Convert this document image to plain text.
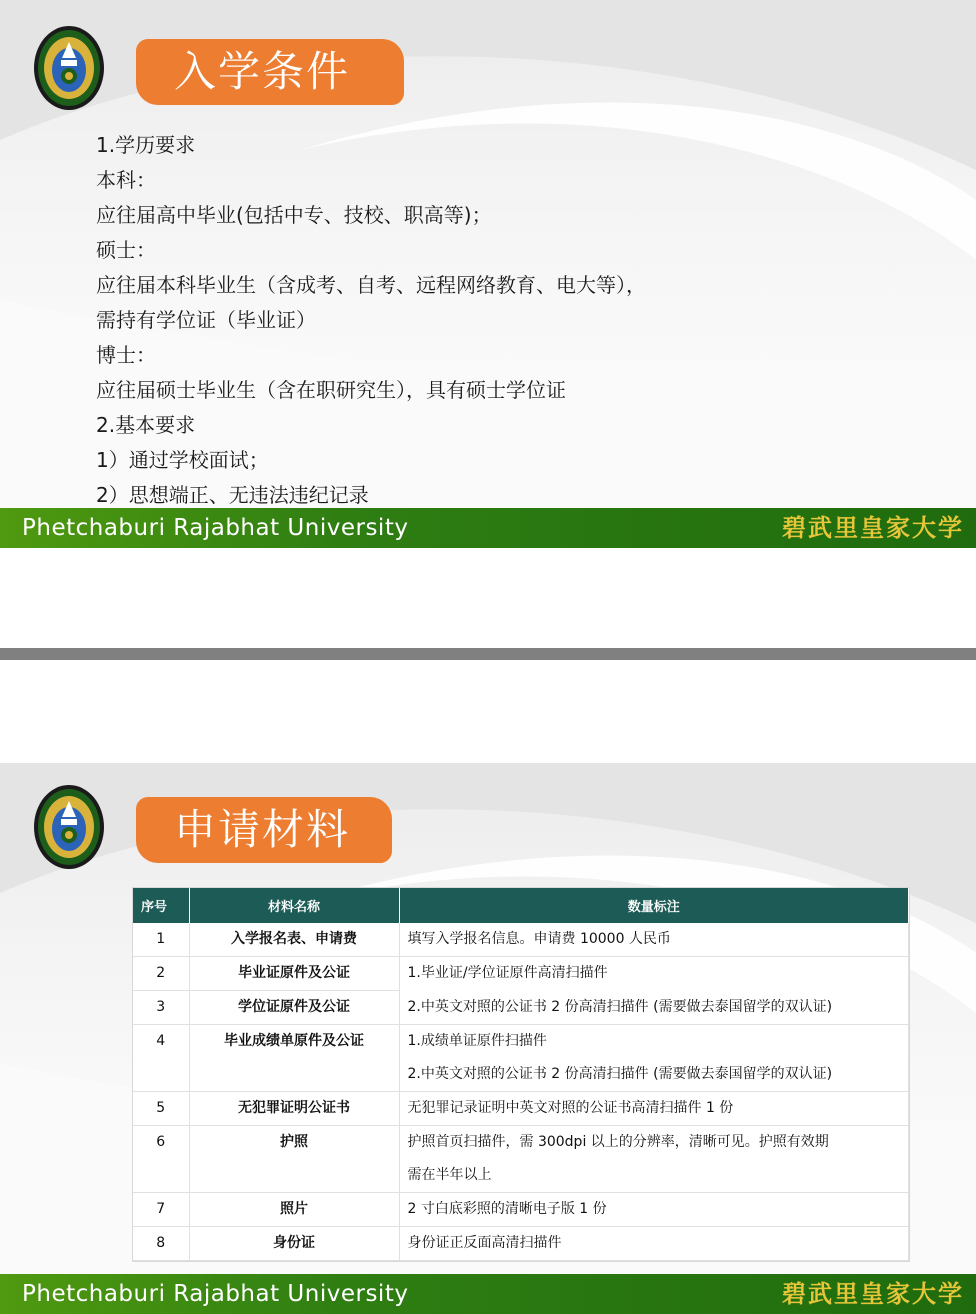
入学条件
1.学历要求
本科：
应往届高中毕业(包括中专、技校、职高等)；
硕士：
应往届本科毕业生（含成考、自考、远程网络教育、电大等），
需持有学位证（毕业证）
博士：
应往届硕士毕业生（含在职研究生），具有硕士学位证
2.基本要求
1）通过学校面试；
2）思想端正、无违法违纪记录
Phetchaburi Rajabhat University	碧武里皇家大学
申请材料
序号	材料名称	数量标注

1	入学报名表、申请费	填写入学报名信息。申请费 10000 人民币

2	毕业证原件及公证	1.毕业证/学位证原件高清扫描件

3	学位证原件及公证	2.中英文对照的公证书 2 份高清扫描件 (需要做去泰国留学的双认证)

4	毕业成绩单原件及公证	1.成绩单证原件扫描件
2.中英文对照的公证书 2 份高清扫描件 (需要做去泰国留学的双认证)

5	无犯罪证明公证书	无犯罪记录证明中英文对照的公证书高清扫描件 1 份

6	护照	护照首页扫描件，需 300dpi 以上的分辨率，清晰可见。护照有效期
需在半年以上

7	照片	2 寸白底彩照的清晰电子版 1 份

8	身份证	身份证正反面高清扫描件
Phetchaburi Rajabhat University	碧武里皇家大学
